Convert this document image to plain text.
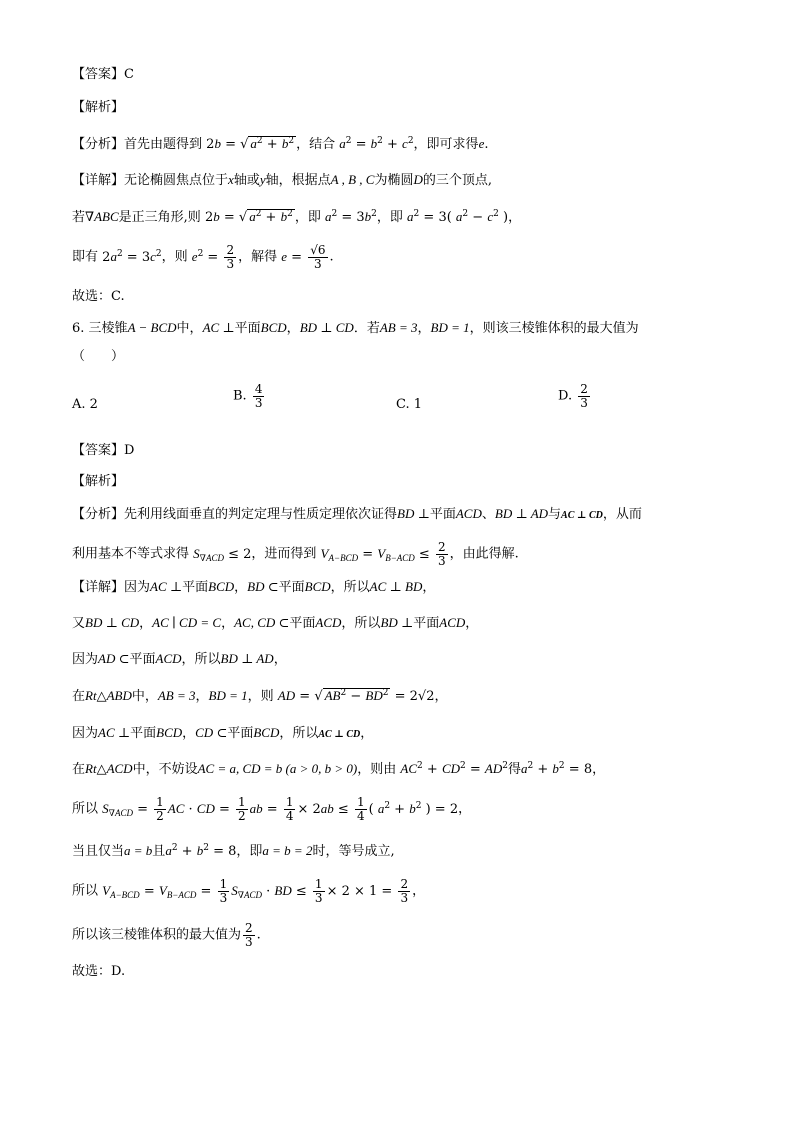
【答案】C
【解析】
【分析】首先由题得到 2b = √ $a^2 + b^2$ ，结合 $a^2 = b^2 + c^2$，即可求得e.
【详解】无论椭圆焦点位于x轴或y轴，根据点A , B , C为椭圆D的三个顶点,
若∇ABC是正三角形,则 2b = √ $a^2 + b^2$ ，即 $a^2 = 3b^2$，即 $a^2 = 3$( $a^2 - c^2$ )，
即有 $2a^2 = 3c^2$，则 $e^2 = \frac{2}{3}$ ，解得 $e = \frac{√6}{3}$ .
故选：C.
6. 三棱锥A − BCD中，AC ⊥平面BCD，BD ⊥ CD．若AB = 3，BD = 1，则该三棱锥体积的最大值为
（　　）
A. 2
B. $\frac{4}{3}$	C. 1
D. $\frac{2}{3}$
【答案】D
【解析】
【分析】先利用线面垂直的判定定理与性质定理依次证得BD ⊥平面ACD、BD ⊥ AD与AC ⊥ CD，从而
利用基本不等式求得 $S_{\nabla ACD} \le 2$，进而得到 $V_{A-BCD} = V_{B-ACD} \le \frac{2}{3}$ ，由此得解.
【详解】因为AC ⊥平面BCD，BD ⊂平面BCD，所以AC ⊥ BD，
又BD ⊥ CD，AC ∣ CD = C，AC, CD ⊂平面ACD，所以BD ⊥平面ACD，
因为AD ⊂平面ACD，所以BD ⊥ AD，
在Rt△ABD中，AB = 3，BD = 1，则 AD = √ $AB^2 - BD^2 = 2√2$，
因为AC ⊥平面BCD，CD ⊂平面BCD，所以AC ⊥ CD，
在Rt△ACD中，不妨设AC = a, CD = b (a > 0, b > 0)，则由 $AC^2 + CD^2 = AD^2$得$a^2 + b^2 = 8$，
所以 $S_{\nabla ACD} = \frac{1}{2}$ AC · CD = $\frac{1}{2}$ ab = $\frac{1}{4} \times 2ab \le \frac{1}{4}$ ( $a^2 + b^2$ ) = 2，
当且仅当a = b且$a^2 + b^2 = 8$，即a = b = 2时，等号成立,
所以 $V_{A-BCD} = V_{B-ACD} = \frac{1}{3} S_{\nabla ACD}$ · BD ≤ $\frac{1}{3} \times 2 \times 1 = \frac{2}{3}$ ，
所以该三棱锥体积的最大值为 $\frac{2}{3}$ .
故选：D.
